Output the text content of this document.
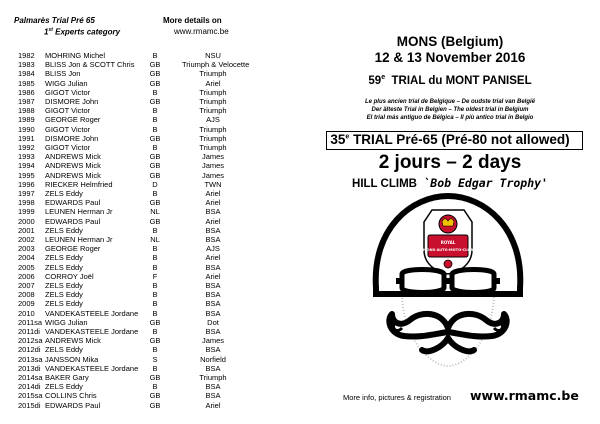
Palmarès Trial Pré 65	More details on
1st Experts category	www.rmamc.be
1982 MOHRING Michel	B	NSU
1983 BLISS Jon & SCOTT Chris GB	Triumph & Velocette
1984 BLISS Jon	GB	Triumph
1985 WIGG Julian	GB	Ariel
1986 GIGOT Victor	B	Triumph
1987 DISMORE John	GB	Triumph
1988 GIGOT Victor	B	Triumph
1989 GEORGE Roger	B	AJS
1990 GIGOT Victor	B	Triumph
1991 DISMORE John	GB	Triumph
1992 GIGOT Victor	B	Triumph
1993 ANDREWS Mick	GB	James
1994 ANDREWS Mick	GB	James
1995 ANDREWS Mick	GB	James
1996 RIECKER Helmfried	D	TWN
1997 ZELS Eddy	B	Ariel
1998 EDWARDS Paul	GB	Ariel
1999 LEUNEN Herman Jr	NL	BSA
2000 EDWARDS Paul	GB	Ariel
2001 ZELS Eddy	B	BSA
2002 LEUNEN Herman Jr	NL	BSA
2003 GEORGE Roger	B	AJS
2004 ZELS Eddy	B	Ariel
2005 ZELS Eddy	B	BSA
2006 CORROY Joël	F	Ariel
2007 ZELS Eddy	B	BSA
2008 ZELS Eddy	B	BSA
2009 ZELS Eddy	B	BSA
2010 VANDEKASTEELE Jordane	B	BSA
2011sa WIGG Julian	GB	Dot
2011di VANDEKASTEELE Jordane	B	BSA
2012sa ANDREWS Mick	GB	James
2012di ZELS Eddy	B	BSA
2013sa JANSSON Mika	S	Norfield
2013di VANDEKASTEELE Jordane	B	BSA
2014sa BAKER Gary	GB	Triumph
2014di ZELS Eddy	B	BSA
2015sa COLLINS Chris	GB	BSA
2015di EDWARDS Paul	GB	Ariel
MONS (Belgium)
12 & 13 November 2016
59e TRIAL du MONT PANISEL
Le plus ancien trial de Belgique – De oudste trial van België
Der älteste Trial in Belgien – The oldest trial in Belgium
El trial más antiguo de Bélgica – Il più antico trial in Belgio
35e TRIAL Pré-65 (Pré-80 not allowed)
2 jours – 2 days
HILL CLIMB `Bob Edgar Trophy'
ROYAL
MONS·AUTO·MOTO·CLUB
More info, pictures & registration www.rmamc.be
